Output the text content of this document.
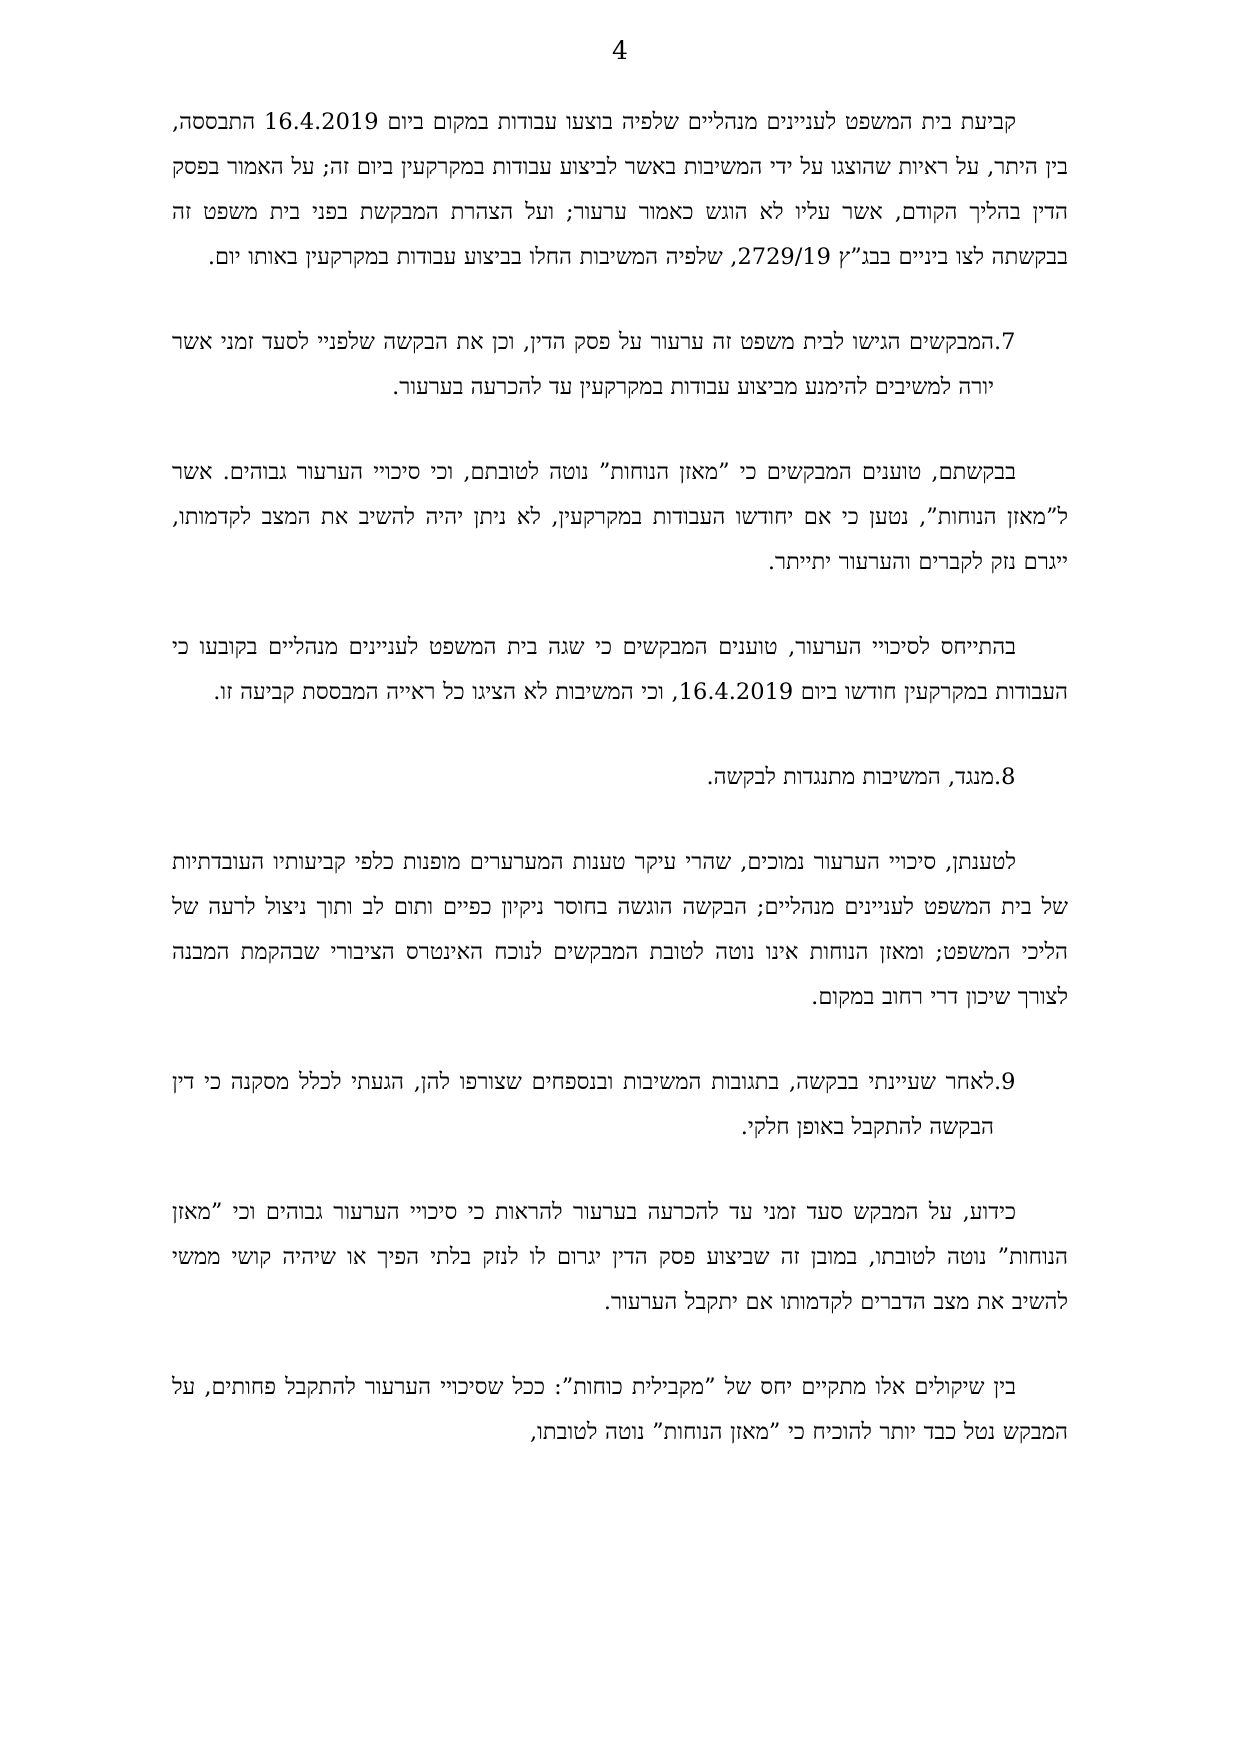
4

קביעת בית המשפט לעניינים מנהליים שלפיה בוצעו עבודות במקום ביום 16.4.2019 התבססה, בין היתר, על ראיות שהוצגו על ידי המשיבות באשר לביצוע עבודות במקרקעין ביום זה; על האמור בפסק הדין בהליך הקודם, אשר עליו לא הוגש כאמור ערעור; ועל הצהרת המבקשת בפני בית משפט זה בבקשתה לצו ביניים בבג”ץ 2729/19, שלפיה המשיבות החלו בביצוע עבודות במקרקעין באותו יום.

.7
המבקשים הגישו לבית משפט זה ערעור על פסק הדין, וכן את הבקשה שלפניי לסעד זמני אשר יורה למשיבים להימנע מביצוע עבודות במקרקעין עד להכרעה בערעור.

בבקשתם, טוענים המבקשים כי ”מאזן הנוחות” נוטה לטובתם, וכי סיכויי הערעור גבוהים. אשר ל”מאזן הנוחות”, נטען כי אם יחודשו העבודות במקרקעין, לא ניתן יהיה להשיב את המצב לקדמותו, ייגרם נזק לקברים והערעור יתייתר.

בהתייחס לסיכויי הערעור, טוענים המבקשים כי שגה בית המשפט לעניינים מנהליים בקובעו כי העבודות במקרקעין חודשו ביום 16.4.2019, וכי המשיבות לא הציגו כל ראייה המבססת קביעה זו.

.8
מנגד, המשיבות מתנגדות לבקשה.

לטענתן, סיכויי הערעור נמוכים, שהרי עיקר טענות המערערים מופנות כלפי קביעותיו העובדתיות של בית המשפט לעניינים מנהליים; הבקשה הוגשה בחוסר ניקיון כפיים ותום לב ותוך ניצול לרעה של הליכי המשפט; ומאזן הנוחות אינו נוטה לטובת המבקשים לנוכח האינטרס הציבורי שבהקמת המבנה לצורך שיכון דרי רחוב במקום.

.9
לאחר שעיינתי בבקשה, בתגובות המשיבות ובנספחים שצורפו להן, הגעתי לכלל מסקנה כי דין הבקשה להתקבל באופן חלקי.

כידוע, על המבקש סעד זמני עד להכרעה בערעור להראות כי סיכויי הערעור גבוהים וכי ”מאזן הנוחות” נוטה לטובתו, במובן זה שביצוע פסק הדין יגרום לו לנזק בלתי הפיך או שיהיה קושי ממשי להשיב את מצב הדברים לקדמותו אם יתקבל הערעור.

בין שיקולים אלו מתקיים יחס של ”מקבילית כוחות”: ככל שסיכויי הערעור להתקבל פחותים, על המבקש נטל כבד יותר להוכיח כי ”מאזן הנוחות” נוטה לטובתו,
